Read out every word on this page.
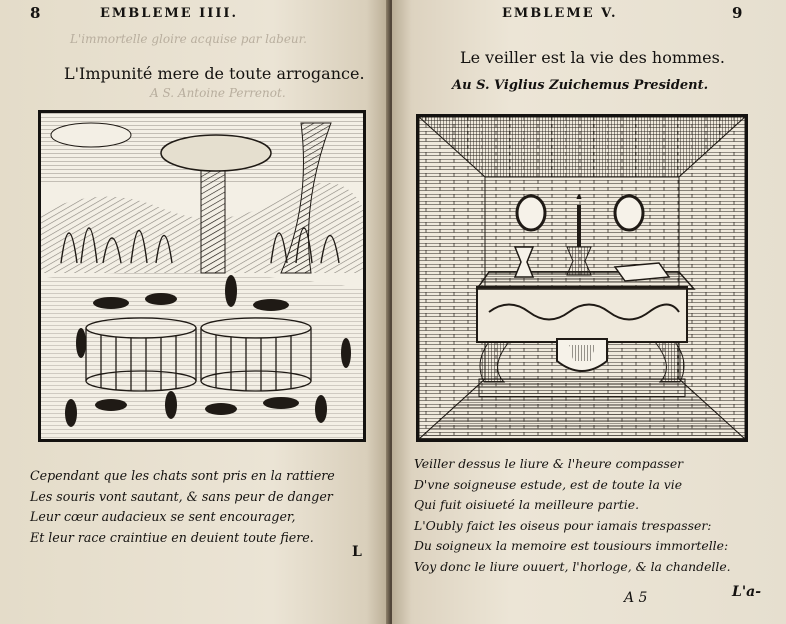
8	EMBLEME IIII.
L'immortelle gloire acquise par labeur.
L'Impunité mere de toute arrogance.
A S. Antoine Perrenot.
Cependant que les chats sont pris en la rattiere
Les souris vont sautant, & sans peur de danger
Leur cœur audacieux se sent encourager,
Et leur race craintiue en deuient toute fiere.
L
EMBLEME V.	9
Le veiller est la vie des hommes.
Au S. Viglius Zuichemus President.
Veiller dessus le liure & l'heure compasser
D'vne soigneuse estude, est de toute la vie
Qui fuit oisiueté la meilleure partie.
L'Oubly faict les oiseus pour iamais trespasser:
Du soigneux la memoire est tousiours immortelle:
Voy donc le liure ouuert, l'horloge, & la chandelle.
A 5	L'a-
